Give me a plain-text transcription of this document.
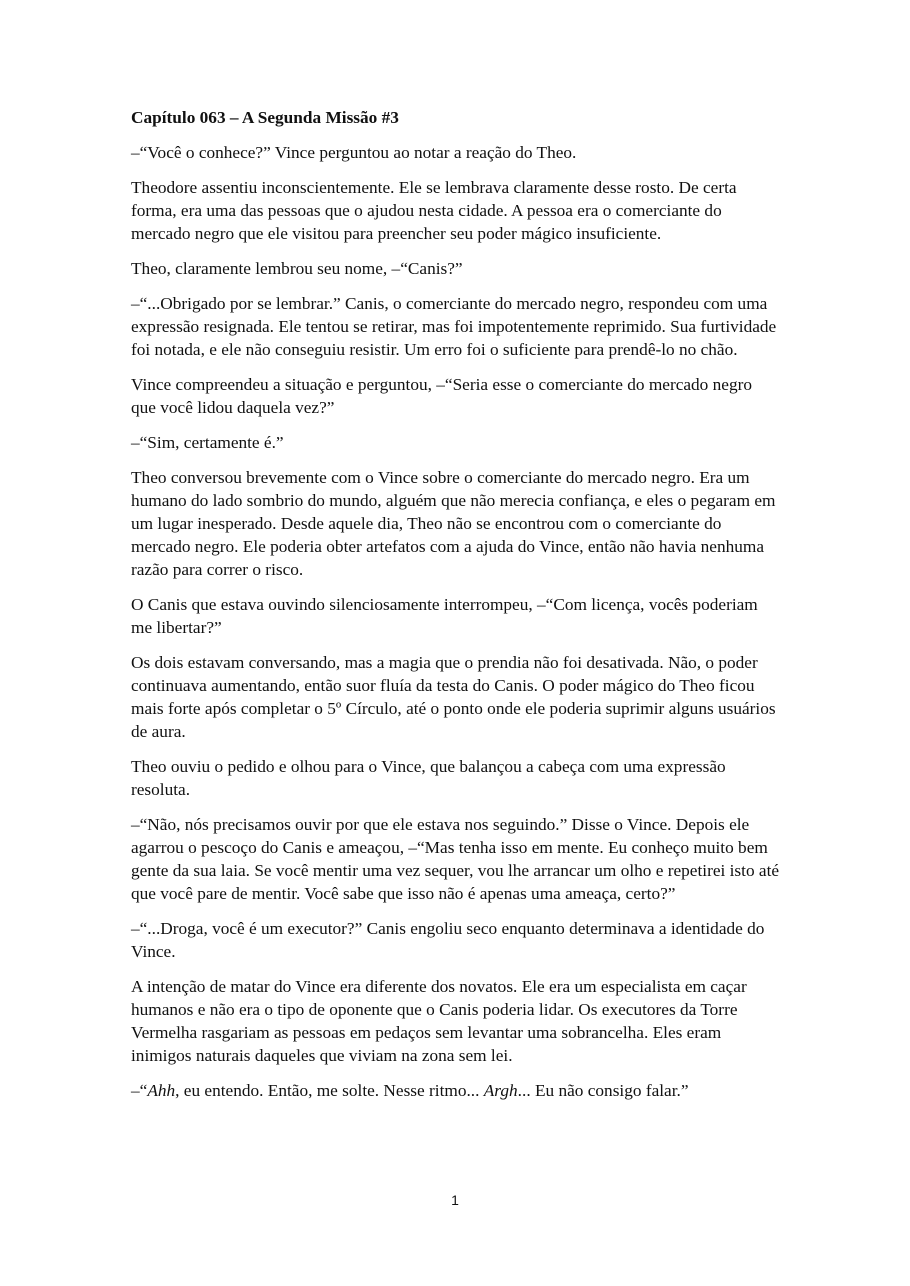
Capítulo 063 – A Segunda Missão #3
–“Você o conhece?” Vince perguntou ao notar a reação do Theo.
Theodore assentiu inconscientemente. Ele se lembrava claramente desse rosto. De certa forma, era uma das pessoas que o ajudou nesta cidade. A pessoa era o comerciante do mercado negro que ele visitou para preencher seu poder mágico insuficiente.
Theo, claramente lembrou seu nome, –“Canis?”
–“...Obrigado por se lembrar.” Canis, o comerciante do mercado negro, respondeu com uma expressão resignada. Ele tentou se retirar, mas foi impotentemente reprimido. Sua furtividade foi notada, e ele não conseguiu resistir. Um erro foi o suficiente para prendê-lo no chão.
Vince compreendeu a situação e perguntou, –“Seria esse o comerciante do mercado negro que você lidou daquela vez?”
–“Sim, certamente é.”
Theo conversou brevemente com o Vince sobre o comerciante do mercado negro. Era um humano do lado sombrio do mundo, alguém que não merecia confiança, e eles o pegaram em um lugar inesperado. Desde aquele dia, Theo não se encontrou com o comerciante do mercado negro. Ele poderia obter artefatos com a ajuda do Vince, então não havia nenhuma razão para correr o risco.
O Canis que estava ouvindo silenciosamente interrompeu, –“Com licença, vocês poderiam me libertar?”
Os dois estavam conversando, mas a magia que o prendia não foi desativada. Não, o poder continuava aumentando, então suor fluía da testa do Canis. O poder mágico do Theo ficou mais forte após completar o 5º Círculo, até o ponto onde ele poderia suprimir alguns usuários de aura.
Theo ouviu o pedido e olhou para o Vince, que balançou a cabeça com uma expressão resoluta.
–“Não, nós precisamos ouvir por que ele estava nos seguindo.” Disse o Vince. Depois ele agarrou o pescoço do Canis e ameaçou, –“Mas tenha isso em mente. Eu conheço muito bem gente da sua laia. Se você mentir uma vez sequer, vou lhe arrancar um olho e repetirei isto até que você pare de mentir. Você sabe que isso não é apenas uma ameaça, certo?”
–“...Droga, você é um executor?” Canis engoliu seco enquanto determinava a identidade do Vince.
A intenção de matar do Vince era diferente dos novatos. Ele era um especialista em caçar humanos e não era o tipo de oponente que o Canis poderia lidar. Os executores da Torre Vermelha rasgariam as pessoas em pedaços sem levantar uma sobrancelha. Eles eram inimigos naturais daqueles que viviam na zona sem lei.
–“Ahh, eu entendo. Então, me solte. Nesse ritmo... Argh... Eu não consigo falar.”
1
